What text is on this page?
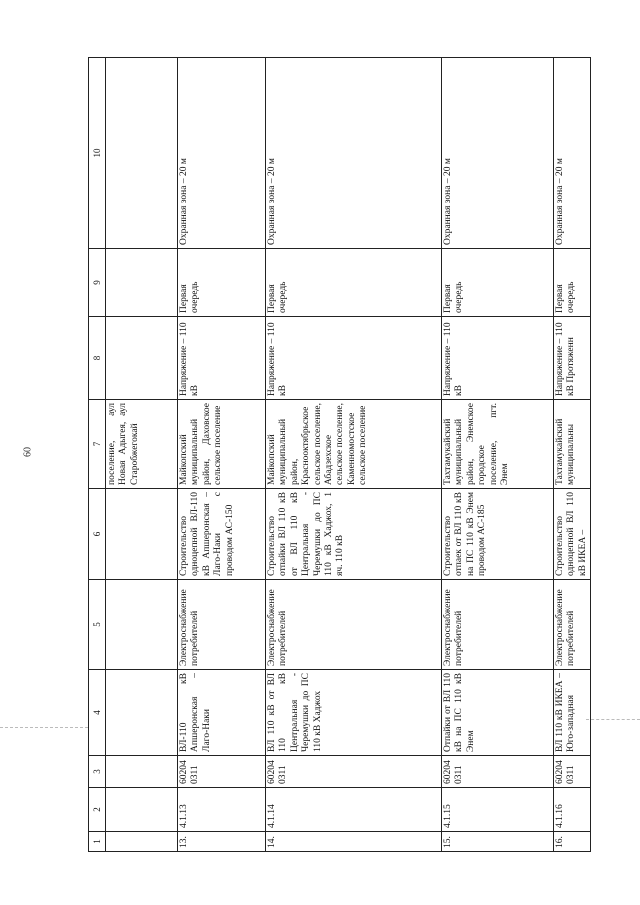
60
1	2	3	4	5	6	7	8	9	10
						поселение, аул Новая Адыгея, аул Старобжегокай			
13.	4.1.13	602040311	ВЛ-110 кВ Апшеронская – Лаго-Наки	Электроснабжение потребителей	Строительство одноцепной ВЛ-110 кВ Апшеронская – Лаго-Наки с проводом АС-150	Майкопский муниципальный район, Даховское сельское поселение	Напряжение – 110 кВ	Первая очередь	Охранная зона – 20 м
14.	4.1.14	602040311	ВЛ 110 кВ от ВЛ 110 кВ Центральная - Черемушки до ПС 110 кВ Хаджох	Электроснабжение потребителей	Строительство отпайки ВЛ 110 кВ от ВЛ 110 кВ Центральная - Черемушки до ПС 110 кВ Хаджох, 1 яч. 110 кВ	Майкопский муниципальный район, Краснооктябрьское сельское поселение, Абадзехское сельское поселение, Каменномостское сельское поселение	Напряжение – 110 кВ	Первая очередь	Охранная зона – 20 м
15.	4.1.15	602040311	Отпайки от ВЛ 110 кВ на ПС 110 кВ Энем	Электроснабжение потребителей	Строительство отпаек от ВЛ 110 кВ на ПС 110 кВ Энем проводом АС-185	Тахтамукайский муниципальный район, Энемское городское поселение, пгт. Энем	Напряжение – 110 кВ	Первая очередь	Охранная зона – 20 м
16.	4.1.16	602040311	ВЛ 110 кВ ИКЕА – Юго-западная	Электроснабжение потребителей	Строительство одноцепной ВЛ 110 кВ ИКЕА –	Тахтамукайский муниципальны	Напряжение – 110 кВ Протяженн	Первая очередь	Охранная зона – 20 м
